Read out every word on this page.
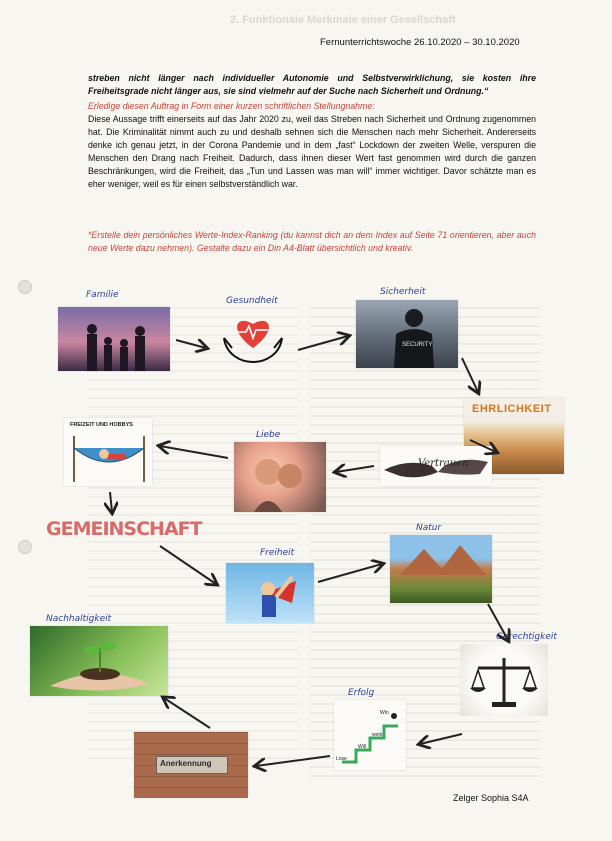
2. Funktionale Merkmale einer Gesellschaft
Fernunterrichtswoche 26.10.2020 – 30.10.2020
streben nicht länger nach individueller Autonomie und Selbstverwirklichung, sie kosten ihre Freiheitsgrade nicht länger aus, sie sind vielmehr auf der Suche nach Sicherheit und Ordnung.“
Erledige diesen Auftrag in Form einer kurzen schriftlichen Stellungnahme:
Diese Aussage trifft einerseits auf das Jahr 2020 zu, weil das Streben nach Sicherheit und Ordnung zugenommen hat. Die Kriminalität nimmt auch zu und deshalb sehnen sich die Menschen nach mehr Sicherheit. Andererseits denke ich genau jetzt, in der Corona Pandemie und in dem „fast“ Lockdown der zweiten Welle, verspuren die Menschen den Drang nach Freiheit. Dadurch, dass ihnen dieser Wert fast genommen wird durch die ganzen Beschränkungen, wird die Freiheit, das „Tun und Lassen was man will“ immer wichtiger. Davor schätzte man es eher weniger, weil es für einen selbstverständlich war.
*Erstelle dein persönliches Werte-Index-Ranking (du kannst dich an dem Index auf Seite 71 orientieren, aber auch neue Werte dazu nehmen). Gestalte dazu ein Din A4-Blatt übersichtlich und kreativ.
Familie
Gesundheit
Sicherheit
Liebe
Freiheit
Natur
Nachhaltigkeit
Gerechtigkeit
Erfolg
SECURITY
EHRLICHKEIT
FREIZEIT UND HOBBYS
Vertrauen
GEMEINSCHAFT
Lose
Will
work
Win
Anerkennung
Zelger Sophia S4A
